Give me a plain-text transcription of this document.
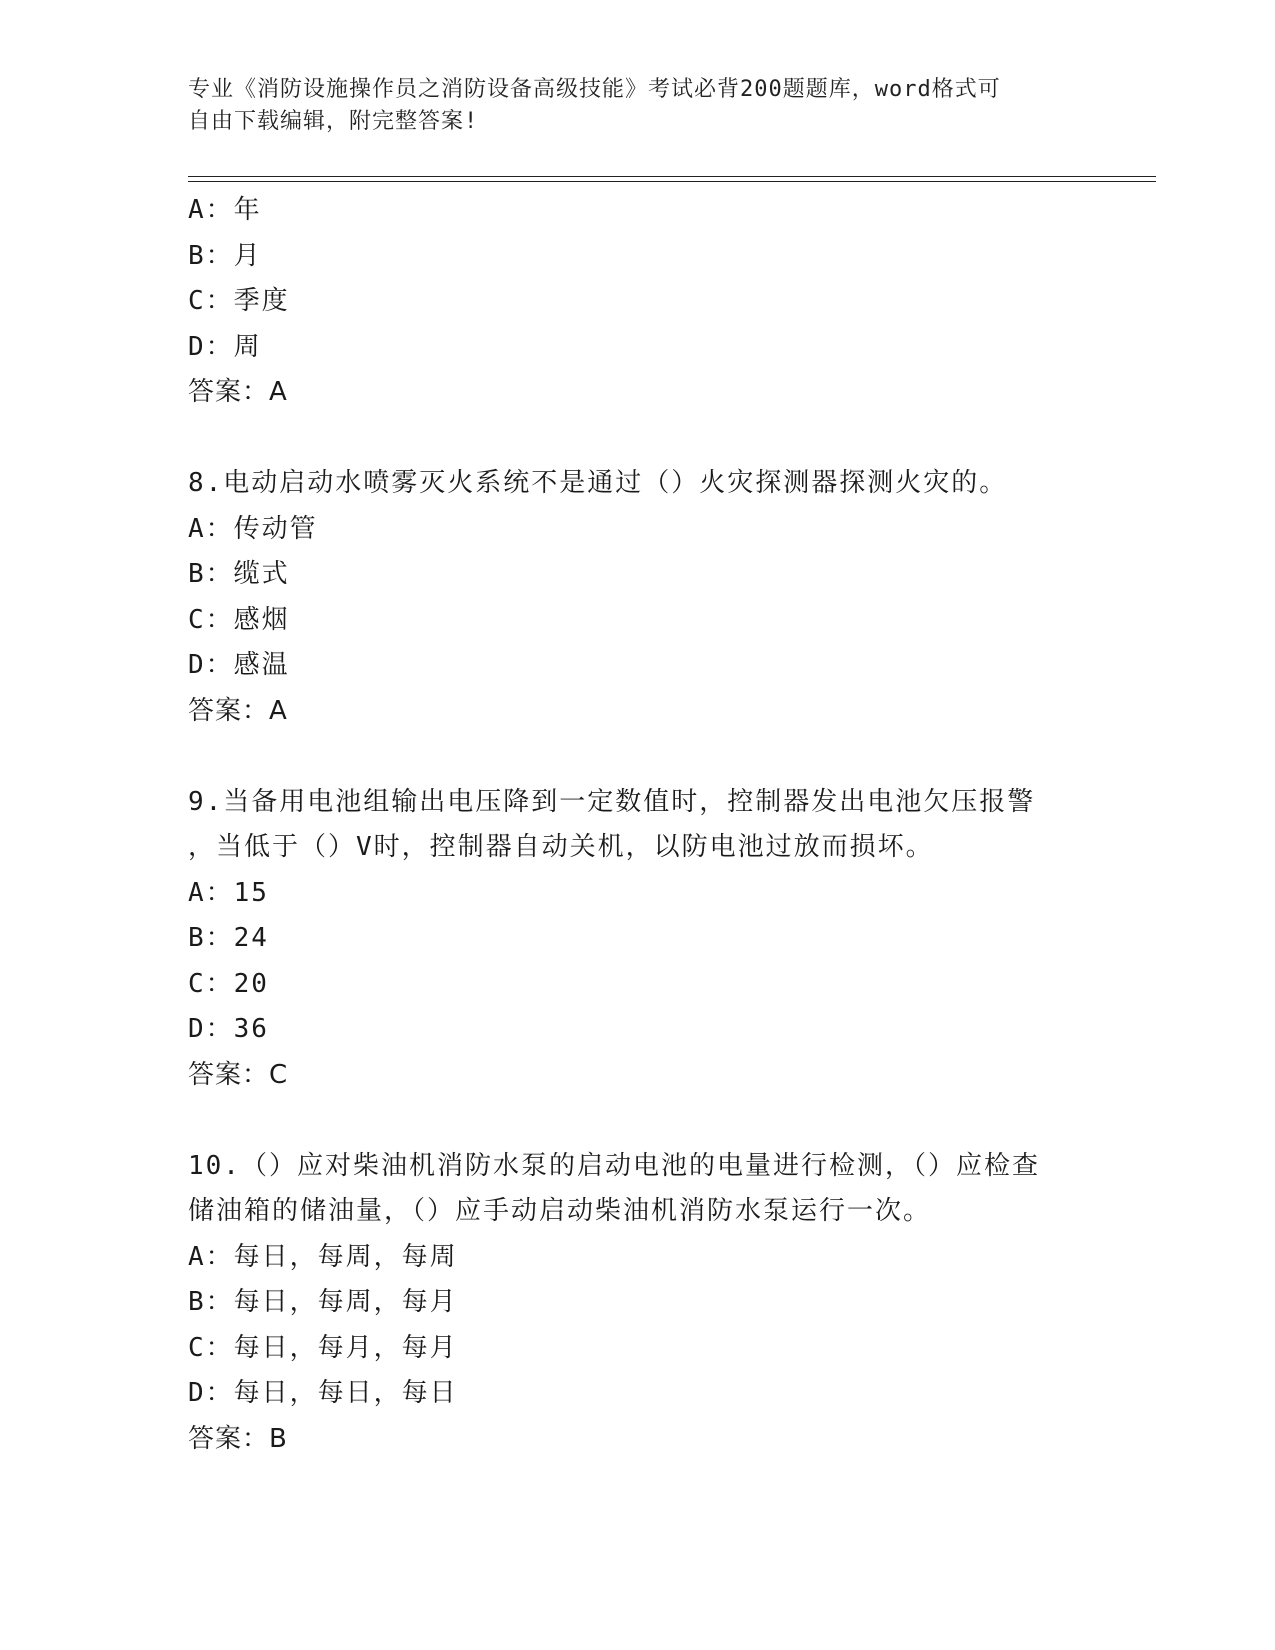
专业《消防设施操作员之消防设备高级技能》考试必背200题题库，word格式可
自由下载编辑，附完整答案!
A：年
B：月
C：季度
D：周
答案：A
8.电动启动水喷雾灭火系统不是通过（）火灾探测器探测火灾的。
A：传动管
B：缆式
C：感烟
D：感温
答案：A
9.当备用电池组输出电压降到一定数值时，控制器发出电池欠压报警
，当低于（）V时，控制器自动关机，以防电池过放而损坏。
A：15
B：24
C：20
D：36
答案：C
10.（）应对柴油机消防水泵的启动电池的电量进行检测，（）应检查
储油箱的储油量，（）应手动启动柴油机消防水泵运行一次。
A：每日，每周，每周
B：每日，每周，每月
C：每日，每月，每月
D：每日，每日，每日
答案：B
